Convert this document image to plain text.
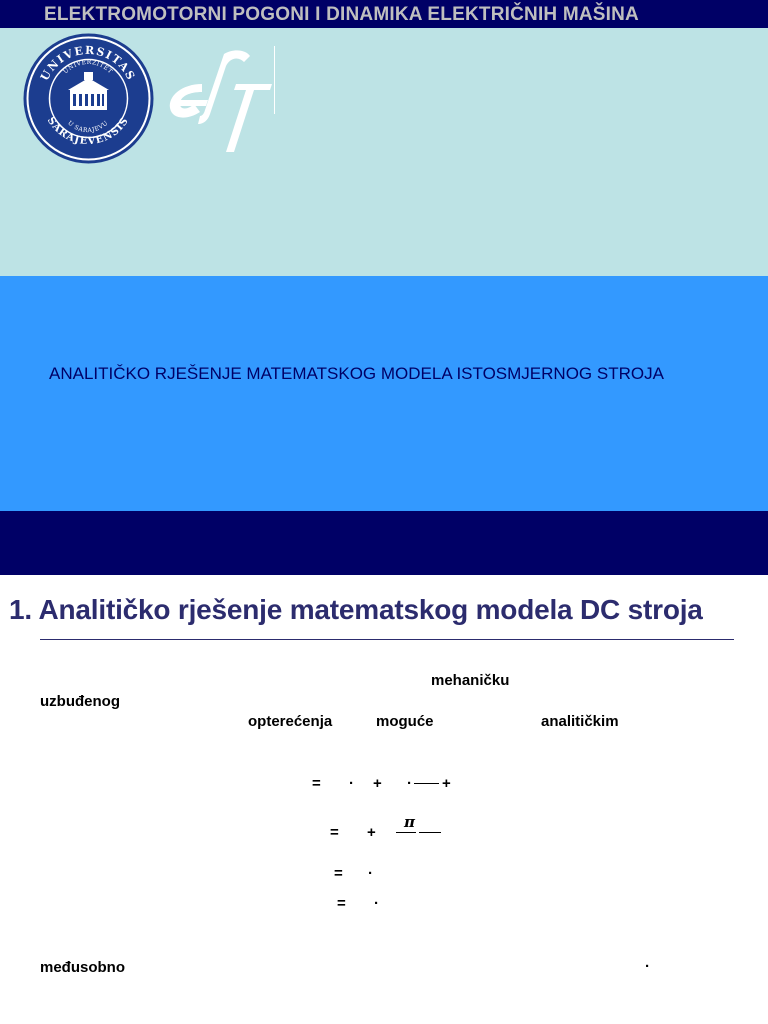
ELEKTROMOTORNI POGONI I DINAMIKA ELEKTRIČNIH MAŠINA
UNIVERSITAS
SARAJEVENSIS
UNIVERZITET
U SARAJEVU
ANALITIČKO RJEŠENJE MATEMATSKOG MODELA ISTOSMJERNOG STROJA
1. Analitičko rješenje matematskog modela DC stroja
mehaničku
uzbuđenog
opterećenja	moguće	analitičkim
= · + · +
= +
π
= ·
= ·
međusobno	·
